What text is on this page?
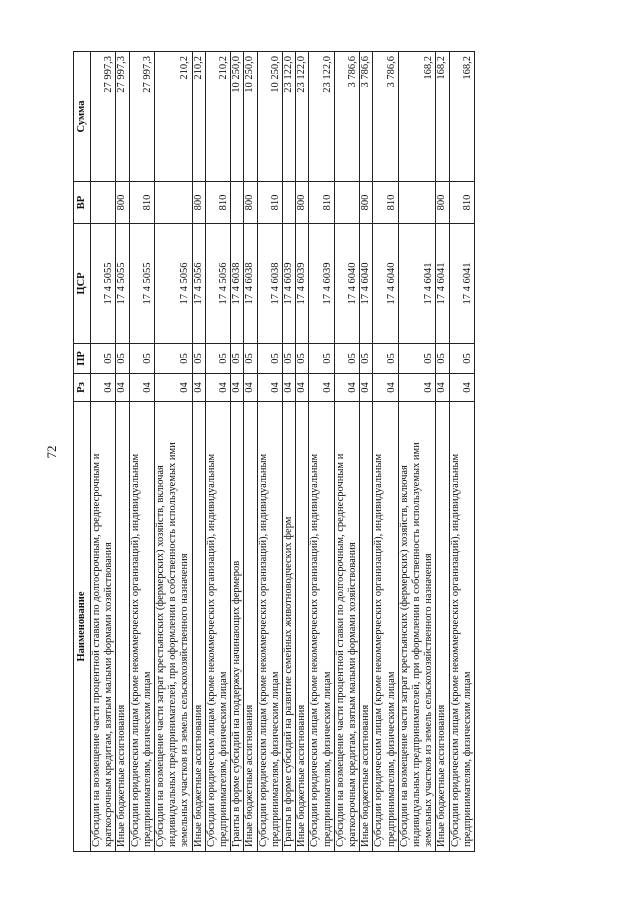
72
Наименование	Рз	ПР	ЦСР	ВР	Сумма
Субсидии на возмещение части процентной ставки по долгосрочным, среднесрочным и краткосрочным кредитам, взятым малыми формами хозяйствования	04	05	17 4 5055		27 997,3
Иные бюджетные ассигнования	04	05	17 4 5055	800	27 997,3
Субсидии юридическим лицам (кроме некоммерческих организаций), индивидуальным предпринимателям, физическим лицам	04	05	17 4 5055	810	27 997,3
Субсидии на возмещение части затрат крестьянских (фермерских) хозяйств, включая индивидуальных предпринимателей, при оформлении в собственность используемых ими земельных участков из земель сельскохозяйственного назначения	04	05	17 4 5056		210,2
Иные бюджетные ассигнования	04	05	17 4 5056	800	210,2
Субсидии юридическим лицам (кроме некоммерческих организаций), индивидуальным предпринимателям, физическим лицам	04	05	17 4 5056	810	210,2
Гранты в форме субсидий на поддержку начинающих фермеров	04	05	17 4 6038		10 250,0
Иные бюджетные ассигнования	04	05	17 4 6038	800	10 250,0
Субсидии юридическим лицам (кроме некоммерческих организаций), индивидуальным предпринимателям, физическим лицам	04	05	17 4 6038	810	10 250,0
Гранты в форме субсидий на развитие семейных животноводческих ферм	04	05	17 4 6039		23 122,0
Иные бюджетные ассигнования	04	05	17 4 6039	800	23 122,0
Субсидии юридическим лицам (кроме некоммерческих организаций), индивидуальным предпринимателям, физическим лицам	04	05	17 4 6039	810	23 122,0
Субсидии на возмещение части процентной ставки по долгосрочным, среднесрочным и краткосрочным кредитам, взятым малыми формами хозяйствования	04	05	17 4 6040		3 786,6
Иные бюджетные ассигнования	04	05	17 4 6040	800	3 786,6
Субсидии юридическим лицам (кроме некоммерческих организаций), индивидуальным предпринимателям, физическим лицам	04	05	17 4 6040	810	3 786,6
Субсидии на возмещение части затрат крестьянских (фермерских) хозяйств, включая индивидуальных предпринимателей, при оформлении в собственность используемых ими земельных участков из земель сельскохозяйственного назначения	04	05	17 4 6041		168,2
Иные бюджетные ассигнования	04	05	17 4 6041	800	168,2
Субсидии юридическим лицам (кроме некоммерческих организаций), индивидуальным предпринимателям, физическим лицам	04	05	17 4 6041	810	168,2
